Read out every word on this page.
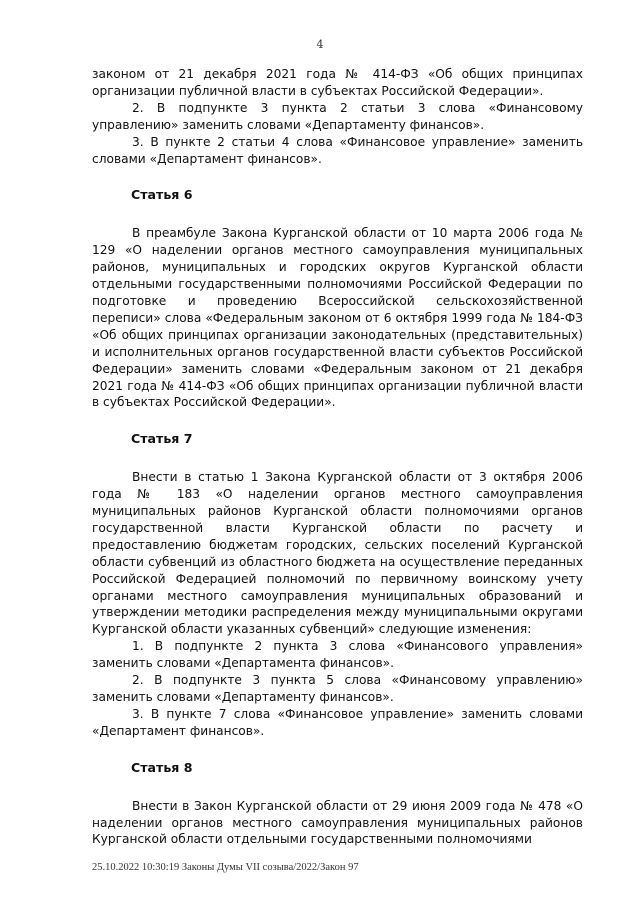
4

законом от 21 декабря 2021 года № 414-ФЗ «Об общих принципах организации публичной власти в субъектах Российской Федерации».

2. В подпункте 3 пункта 2 статьи 3 слова «Финансовому управлению» заменить словами «Департаменту финансов».

3. В пункте 2 статьи 4 слова «Финансовое управление» заменить словами «Департамент финансов».

Статья 6

В преамбуле Закона Курганской области от 10 марта 2006 года № 129 «О наделении органов местного самоуправления муниципальных районов, муниципальных и городских округов Курганской области отдельными государственными полномочиями Российской Федерации по подготовке и проведению Всероссийской сельскохозяйственной переписи» слова «Федеральным законом от 6 октября 1999 года № 184-ФЗ «Об общих принципах организации законодательных (представительных) и исполнительных органов государственной власти субъектов Российской Федерации» заменить словами «Федеральным законом от 21 декабря 2021 года № 414-ФЗ «Об общих принципах организации публичной власти в субъектах Российской Федерации».

Статья 7

Внести в статью 1 Закона Курганской области от 3 октября 2006 года № 183 «О наделении органов местного самоуправления муниципальных районов Курганской области полномочиями органов государственной власти Курганской области по расчету и предоставлению бюджетам городских, сельских поселений Курганской области субвенций из областного бюджета на осуществление переданных Российской Федерацией полномочий по первичному воинскому учету органами местного самоуправления муниципальных образований и утверждении методики распределения между муниципальными округами Курганской области указанных субвенций» следующие изменения:

1. В подпункте 2 пункта 3 слова «Финансового управления» заменить словами «Департамента финансов».

2. В подпункте 3 пункта 5 слова «Финансовому управлению» заменить словами «Департаменту финансов».

3. В пункте 7 слова «Финансовое управление» заменить словами «Департамент финансов».

Статья 8

Внести в Закон Курганской области от 29 июня 2009 года № 478 «О наделении органов местного самоуправления муниципальных районов Курганской области отдельными государственными полномочиями

25.10.2022 10:30:19 Законы Думы VII созыва/2022/Закон 97
